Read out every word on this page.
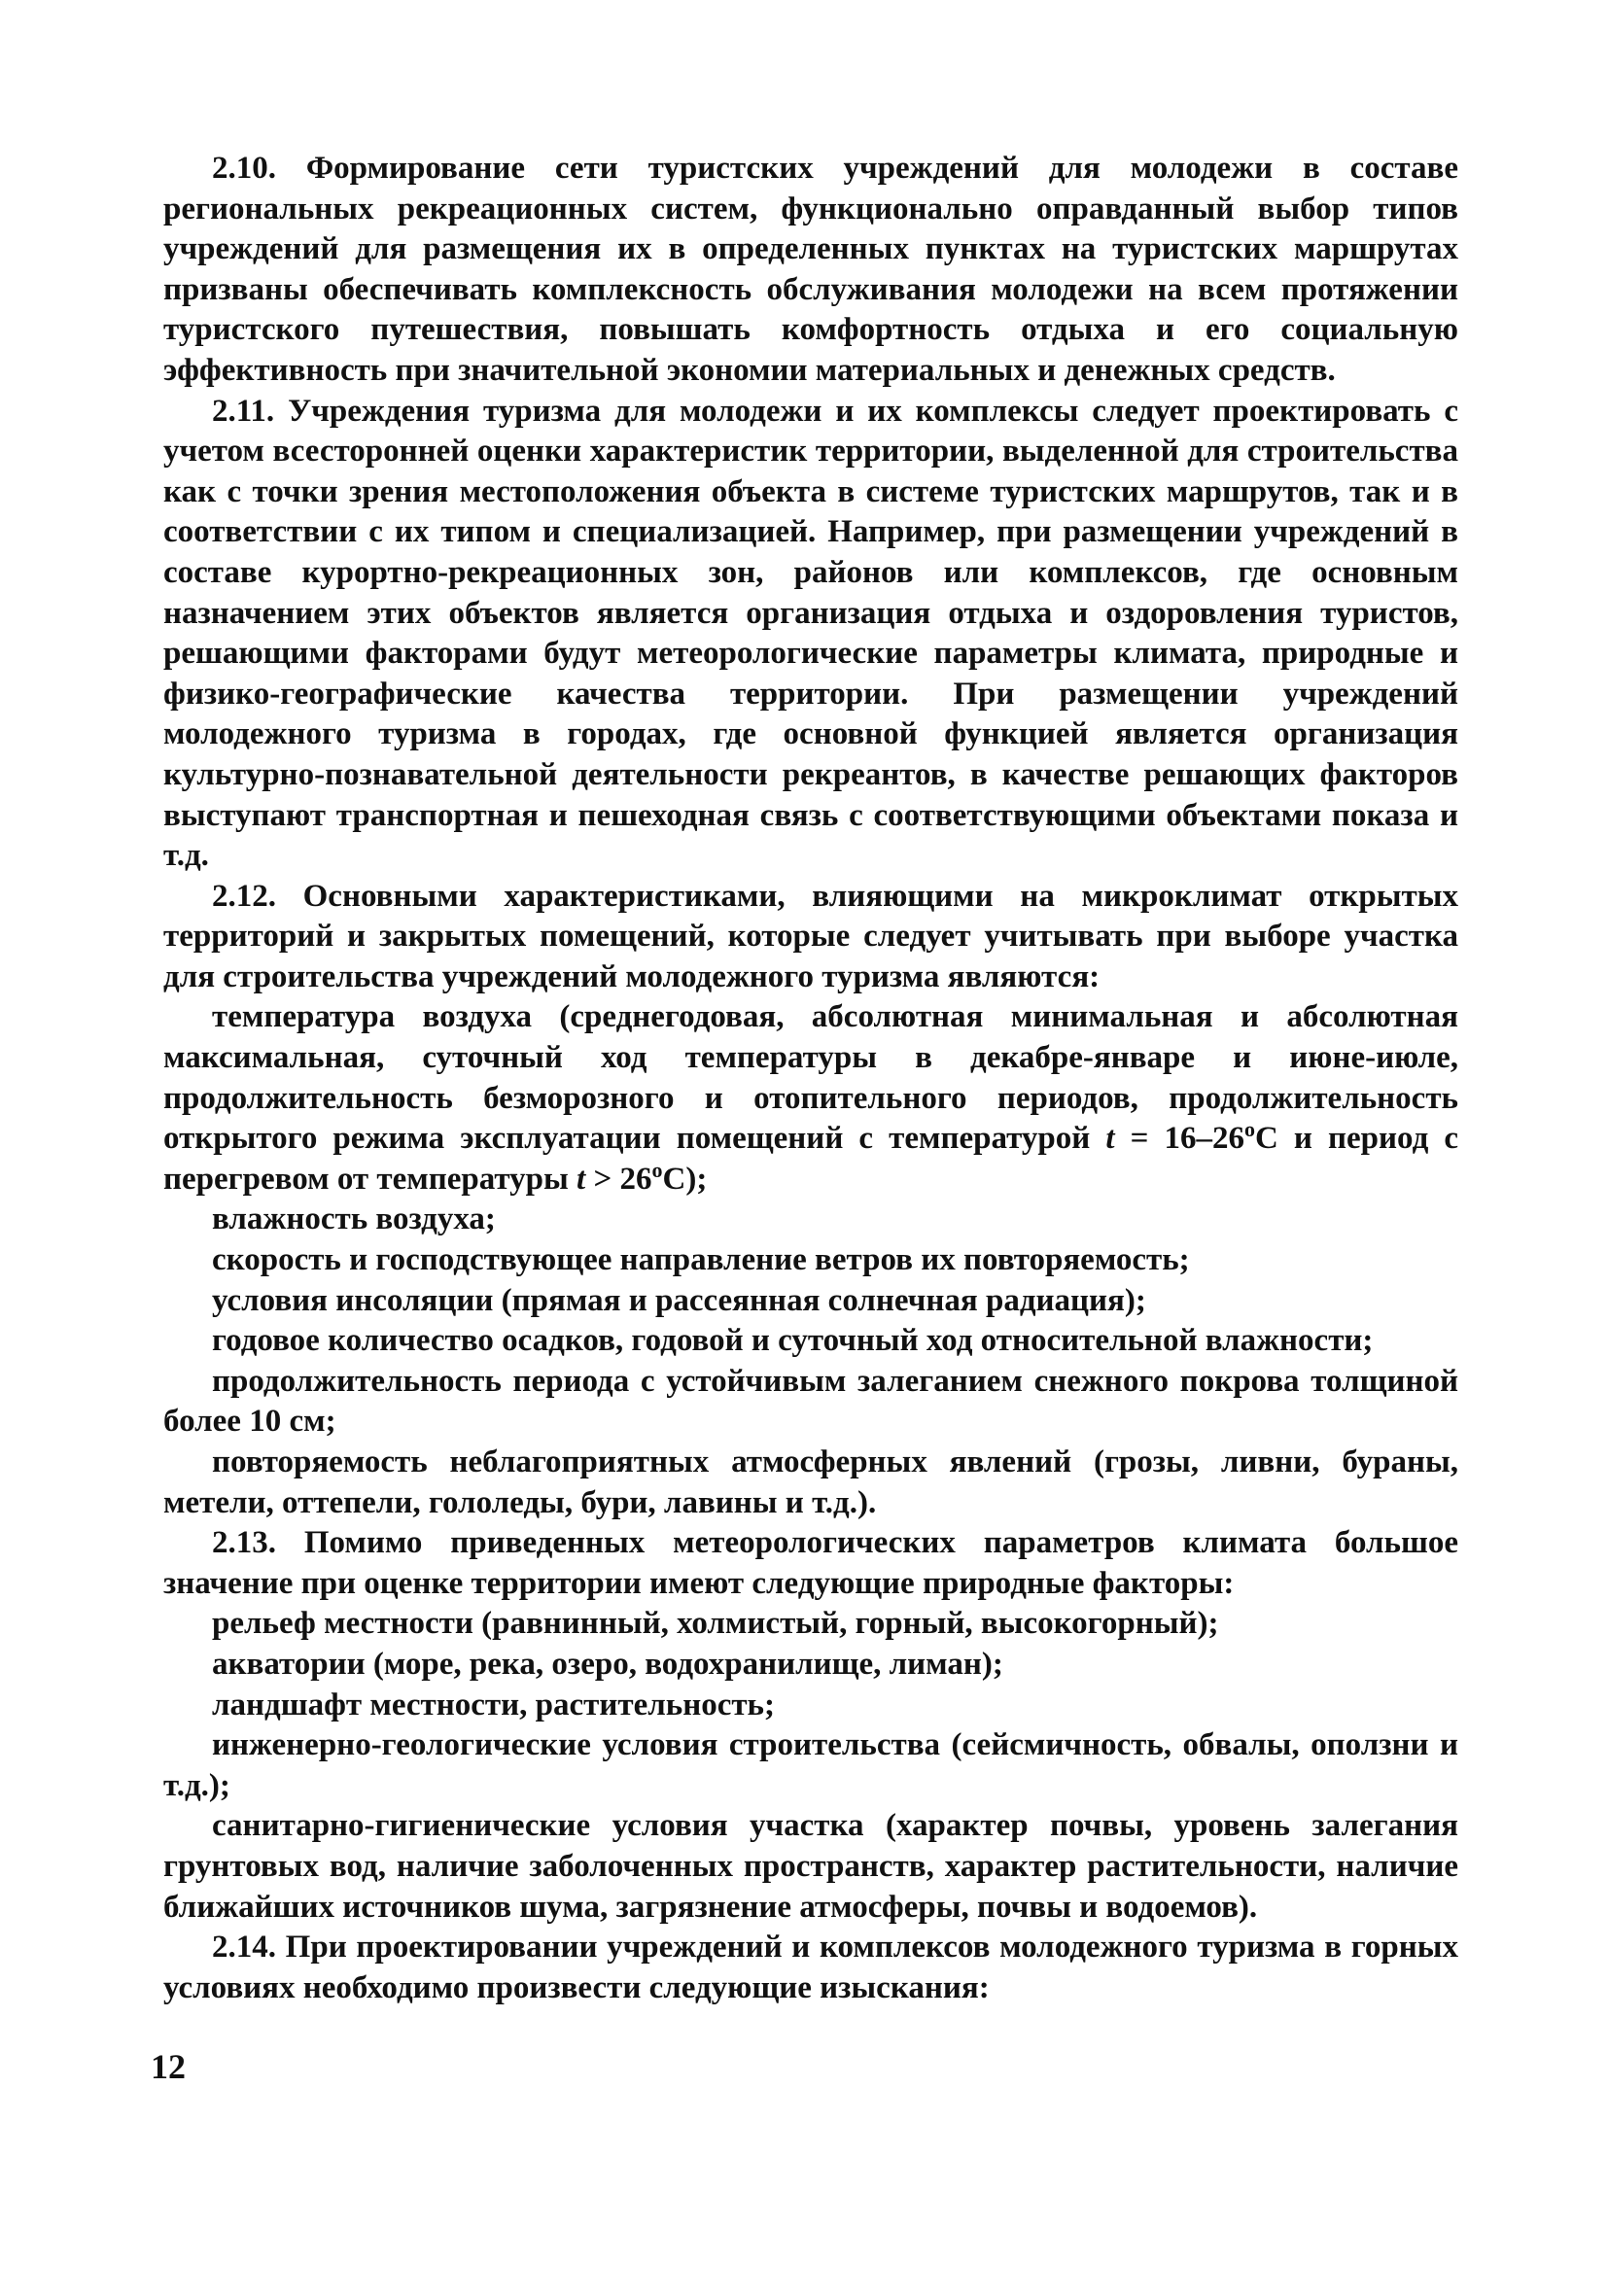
2.10. Формирование сети туристских учреждений для молодежи в составе региональных рекреационных систем, функционально оправданный выбор типов учреждений для размещения их в определенных пунктах на туристских маршрутах призваны обеспечивать комплексность обслуживания молодежи на всем протяжении туристского путешествия, повышать комфортность отдыха и его социальную эффективность при значительной экономии материальных и денежных средств.

2.11. Учреждения туризма для молодежи и их комплексы следует проектировать с учетом всесторонней оценки характеристик территории, выделенной для строительства как с точки зрения местоположения объекта в системе туристских маршрутов, так и в соответствии с их типом и специализацией. Например, при размещении учреждений в составе курортно-рекреационных зон, районов или комплексов, где основным назначением этих объектов является организация отдыха и оздоровления туристов, решающими факторами будут метеорологические параметры климата, природные и физико-географические качества территории. При размещении учреждений молодежного туризма в городах, где основной функцией является организация культурно-познавательной деятельности рекреантов, в качестве решающих факторов выступают транспортная и пешеходная связь с соответствующими объектами показа и т.д.

2.12. Основными характеристиками, влияющими на микроклимат открытых территорий и закрытых помещений, которые следует учитывать при выборе участка для строительства учреждений молодежного туризма являются:

температура воздуха (среднегодовая, абсолютная минимальная и абсолютная максимальная, суточный ход температуры в декабре-январе и июне-июле, продолжительность безморозного и отопительного периодов, продолжительность открытого режима эксплуатации помещений с температурой $t = 16-26^oС$ и период с перегревом от температуры $t > 26^oС$);

влажность воздуха;

скорость и господствующее направление ветров их повторяемость;

условия инсоляции (прямая и рассеянная солнечная радиация);

годовое количество осадков, годовой и суточный ход относительной влажности;

продолжительность периода с устойчивым залеганием снежного покрова толщиной более 10 см;

повторяемость неблагоприятных атмосферных явлений (грозы, ливни, бураны, метели, оттепели, гололеды, бури, лавины и т.д.).

2.13. Помимо приведенных метеорологических параметров климата большое значение при оценке территории имеют следующие природные факторы:

рельеф местности (равнинный, холмистый, горный, высокогорный);

акватории (море, река, озеро, водохранилище, лиман);

ландшафт местности, растительность;

инженерно-геологические условия строительства (сейсмичность, обвалы, оползни и т.д.);

санитарно-гигиенические условия участка (характер почвы, уровень залегания грунтовых вод, наличие заболоченных пространств, характер растительности, наличие ближайших источников шума, загрязнение атмосферы, почвы и водоемов).

2.14. При проектировании учреждений и комплексов молодежного туризма в горных условиях необходимо произвести следующие изыскания:

12
